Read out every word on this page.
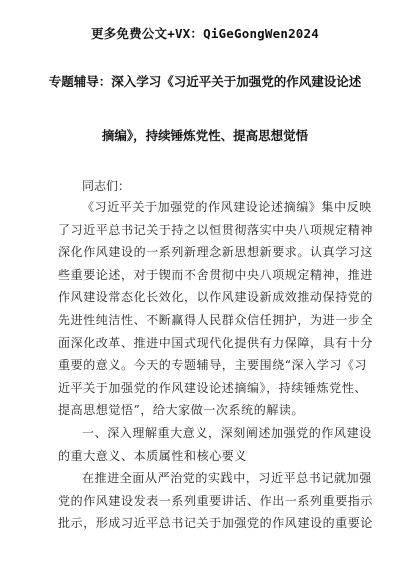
更多免费公文+VX：QiGeGongWen2024
专题辅导：深入学习《习近平关于加强党的作风建设论述
摘编》，持续锤炼党性、提高思想觉悟
同志们：
《习近平关于加强党的作风建设论述摘编》集中反映
了习近平总书记关于持之以恒贯彻落实中央八项规定精神
深化作风建设的一系列新理念新思想新要求。认真学习这
些重要论述，对于锲而不舍贯彻中央八项规定精神，推进
作风建设常态化长效化，以作风建设新成效推动保持党的
先进性纯洁性、不断赢得人民群众信任拥护，为进一步全
面深化改革、推进中国式现代化提供有力保障，具有十分
重要的意义。今天的专题辅导，主要围绕“深入学习《习
近平关于加强党的作风建设论述摘编》，持续锤炼党性、
提高思想觉悟”，给大家做一次系统的解读。
一、深入理解重大意义，深刻阐述加强党的作风建设
的重大意义、本质属性和核心要义
在推进全面从严治党的实践中，习近平总书记就加强
党的作风建设发表一系列重要讲话、作出一系列重要指示
批示，形成习近平总书记关于加强党的作风建设的重要论
